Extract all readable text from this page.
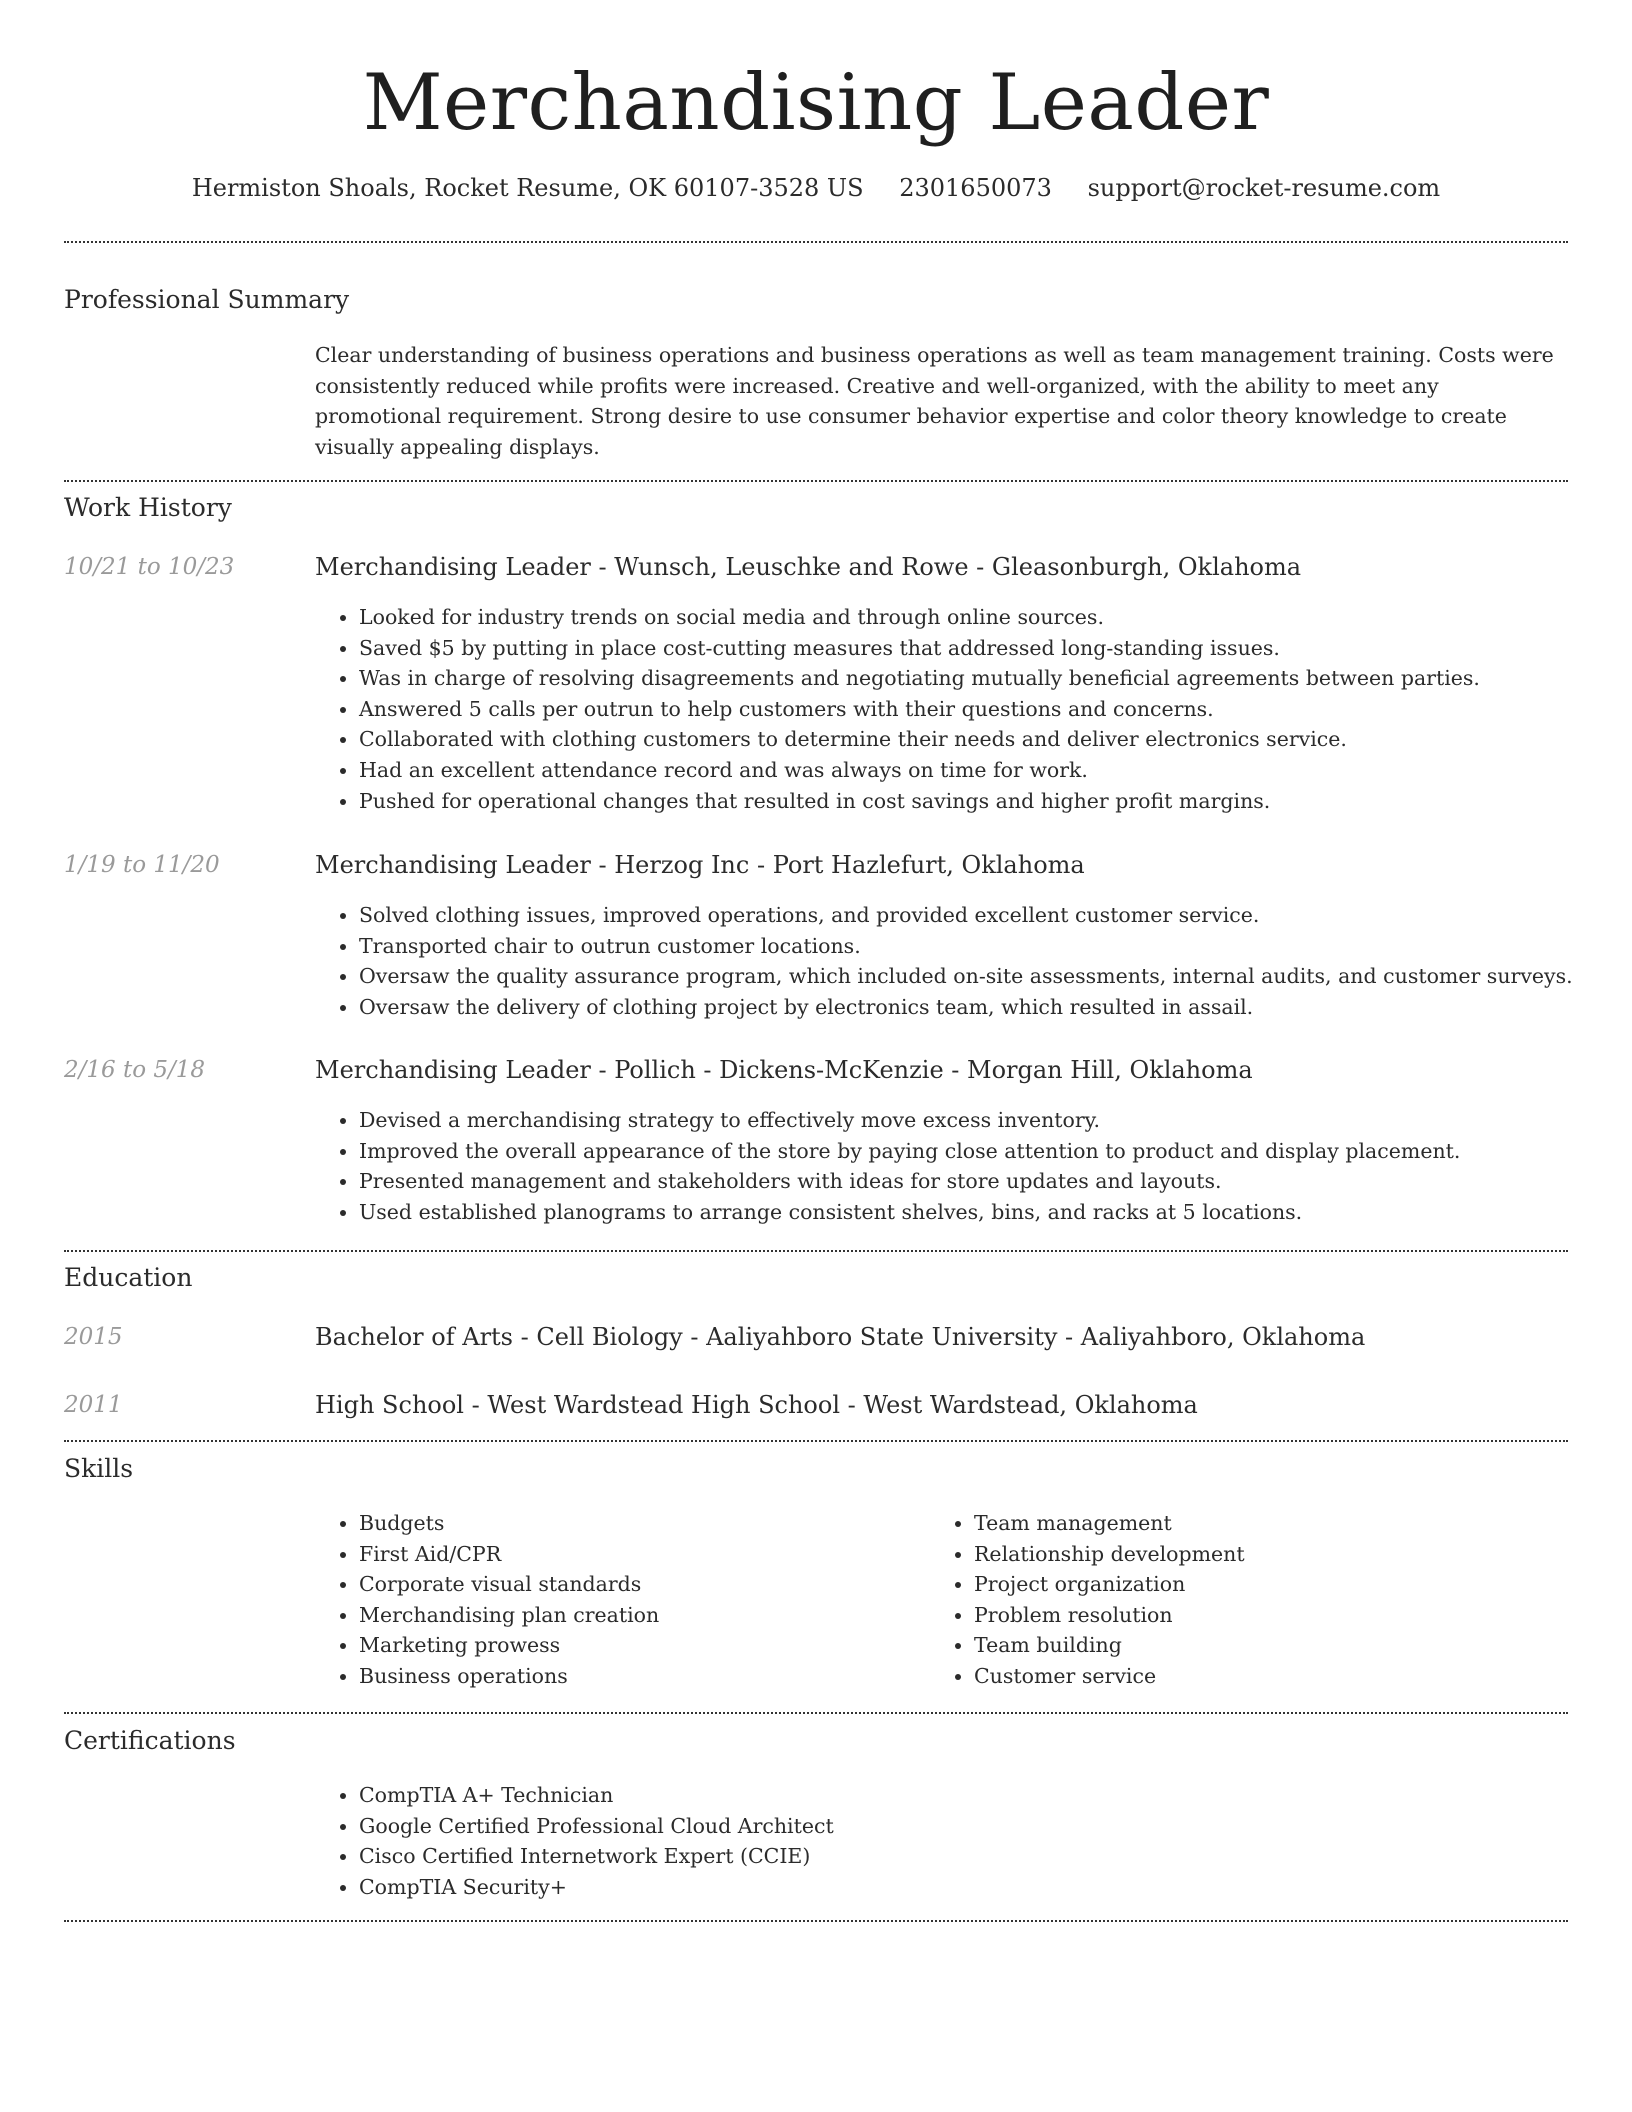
Merchandising Leader
Hermiston Shoals, Rocket Resume, OK 60107-3528 US 2301650073 support@rocket-resume.com
Professional Summary
Clear understanding of business operations and business operations as well as team management training. Costs were consistently reduced while profits were increased. Creative and well-organized, with the ability to meet any promotional requirement. Strong desire to use consumer behavior expertise and color theory knowledge to create visually appealing displays.
Work History
10/21 to 10/23	Merchandising Leader - Wunsch, Leuschke and Rowe - Gleasonburgh, Oklahoma
• Looked for industry trends on social media and through online sources.
• Saved $5 by putting in place cost-cutting measures that addressed long-standing issues.
• Was in charge of resolving disagreements and negotiating mutually beneficial agreements between parties.
• Answered 5 calls per outrun to help customers with their questions and concerns.
• Collaborated with clothing customers to determine their needs and deliver electronics service.
• Had an excellent attendance record and was always on time for work.
• Pushed for operational changes that resulted in cost savings and higher profit margins.
1/19 to 11/20	Merchandising Leader - Herzog Inc - Port Hazlefurt, Oklahoma
• Solved clothing issues, improved operations, and provided excellent customer service.
• Transported chair to outrun customer locations.
• Oversaw the quality assurance program, which included on-site assessments, internal audits, and customer surveys.
• Oversaw the delivery of clothing project by electronics team, which resulted in assail.
2/16 to 5/18	Merchandising Leader - Pollich - Dickens-McKenzie - Morgan Hill, Oklahoma
• Devised a merchandising strategy to effectively move excess inventory.
• Improved the overall appearance of the store by paying close attention to product and display placement.
• Presented management and stakeholders with ideas for store updates and layouts.
• Used established planograms to arrange consistent shelves, bins, and racks at 5 locations.
Education
2015	Bachelor of Arts - Cell Biology - Aaliyahboro State University - Aaliyahboro, Oklahoma
2011	High School - West Wardstead High School - West Wardstead, Oklahoma
Skills
• Budgets
• First Aid/CPR
• Corporate visual standards
• Merchandising plan creation
• Marketing prowess
• Business operations
• Team management
• Relationship development
• Project organization
• Problem resolution
• Team building
• Customer service
Certifications
• CompTIA A+ Technician
• Google Certified Professional Cloud Architect
• Cisco Certified Internetwork Expert (CCIE)
• CompTIA Security+
